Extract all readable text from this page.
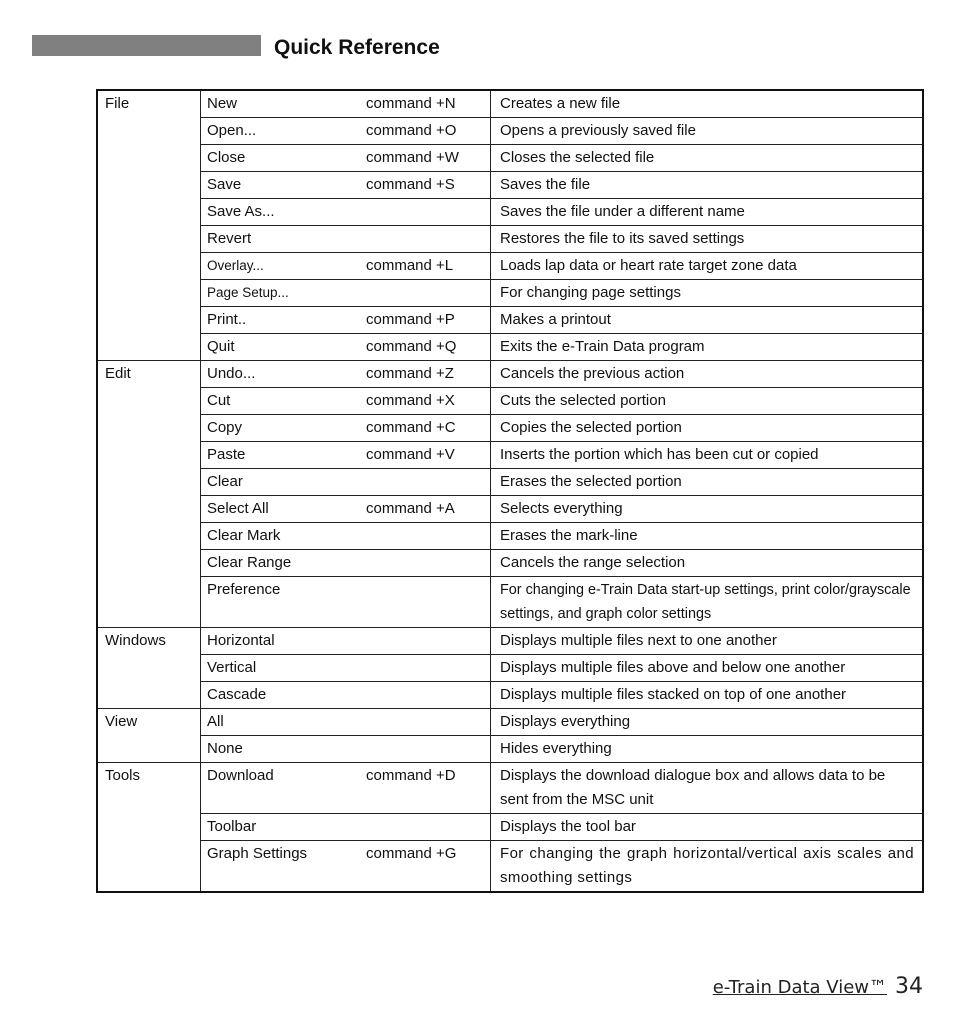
Quick Reference
File	New command +N	Creates a new file

	Open... command +O	Opens a previously saved file

	Close command +W	Closes the selected file

	Save command +S	Saves the file

	Save As...	Saves the file under a different name

	Revert	Restores the file to its saved settings

	Overlay... command +L	Loads lap data or heart rate target zone data

	Page Setup...	For changing page settings

	Print.. command +P	Makes a printout

	Quit command +Q	Exits the e-Train Data program

Edit	Undo... command +Z	Cancels the previous action

	Cut command +X	Cuts the selected portion

	Copy command +C	Copies the selected portion

	Paste command +V	Inserts the portion which has been cut or copied

	Clear	Erases the selected portion

	Select All command +A	Selects everything

	Clear Mark	Erases the mark-line

	Clear Range	Cancels the range selection

	Preference	For changing e-Train Data start-up settings, print color/grayscale settings, and graph color settings

Windows	Horizontal	Displays multiple files next to one another

	Vertical	Displays multiple files above and below one another

	Cascade	Displays multiple files stacked on top of one another

View	All	Displays everything

	None	Hides everything

Tools	Download command +D	Displays the download dialogue box and allows data to be sent from the MSC unit

	Toolbar	Displays the tool bar

	Graph Settings command +G	For changing the graph horizontal/vertical axis scales and smoothing settings
e-Train Data View™ 34
